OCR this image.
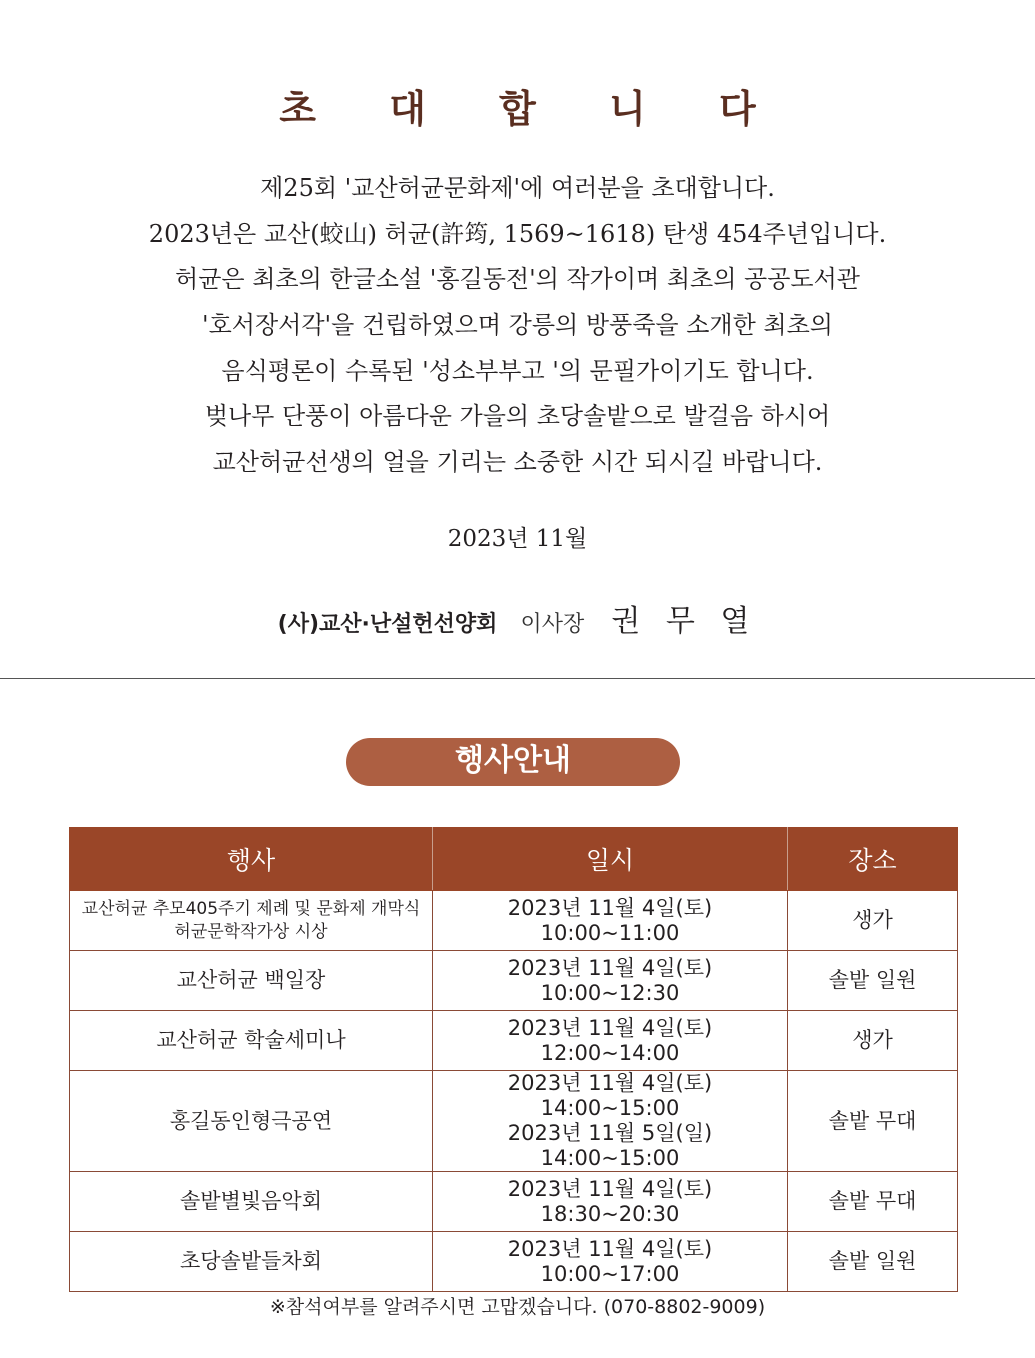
초 대 합 니 다
제25회 '교산허균문화제'에 여러분을 초대합니다.
2023년은 교산(蛟山) 허균(許筠, 1569~1618) 탄생 454주년입니다.
허균은 최초의 한글소설 '홍길동전'의 작가이며 최초의 공공도서관
'호서장서각'을 건립하였으며 강릉의 방풍죽을 소개한 최초의
음식평론이 수록된 '성소부부고 '의 문필가이기도 합니다.
벚나무 단풍이 아름다운 가을의 초당솔밭으로 발걸음 하시어
교산허균선생의 얼을 기리는 소중한 시간 되시길 바랍니다.
2023년 11월
(사)교산·난설헌선양회 이사장 권 무 열
행사안내
행사	일시	장소

교산허균 추모405주기 제례 및 문화제 개막식
허균문학작가상 시상	2023년 11월 4일(토) 10:00~11:00	생가

교산허균 백일장	2023년 11월 4일(토) 10:00~12:30	솔밭 일원

교산허균 학술세미나	2023년 11월 4일(토) 12:00~14:00	생가

홍길동인형극공연	2023년 11월 4일(토) 14:00~15:00
2023년 11월 5일(일) 14:00~15:00	솔밭 무대

솔밭별빛음악회	2023년 11월 4일(토) 18:30~20:30	솔밭 무대

초당솔밭들차회	2023년 11월 4일(토) 10:00~17:00	솔밭 일원
※참석여부를 알려주시면 고맙겠습니다. (070-8802-9009)
